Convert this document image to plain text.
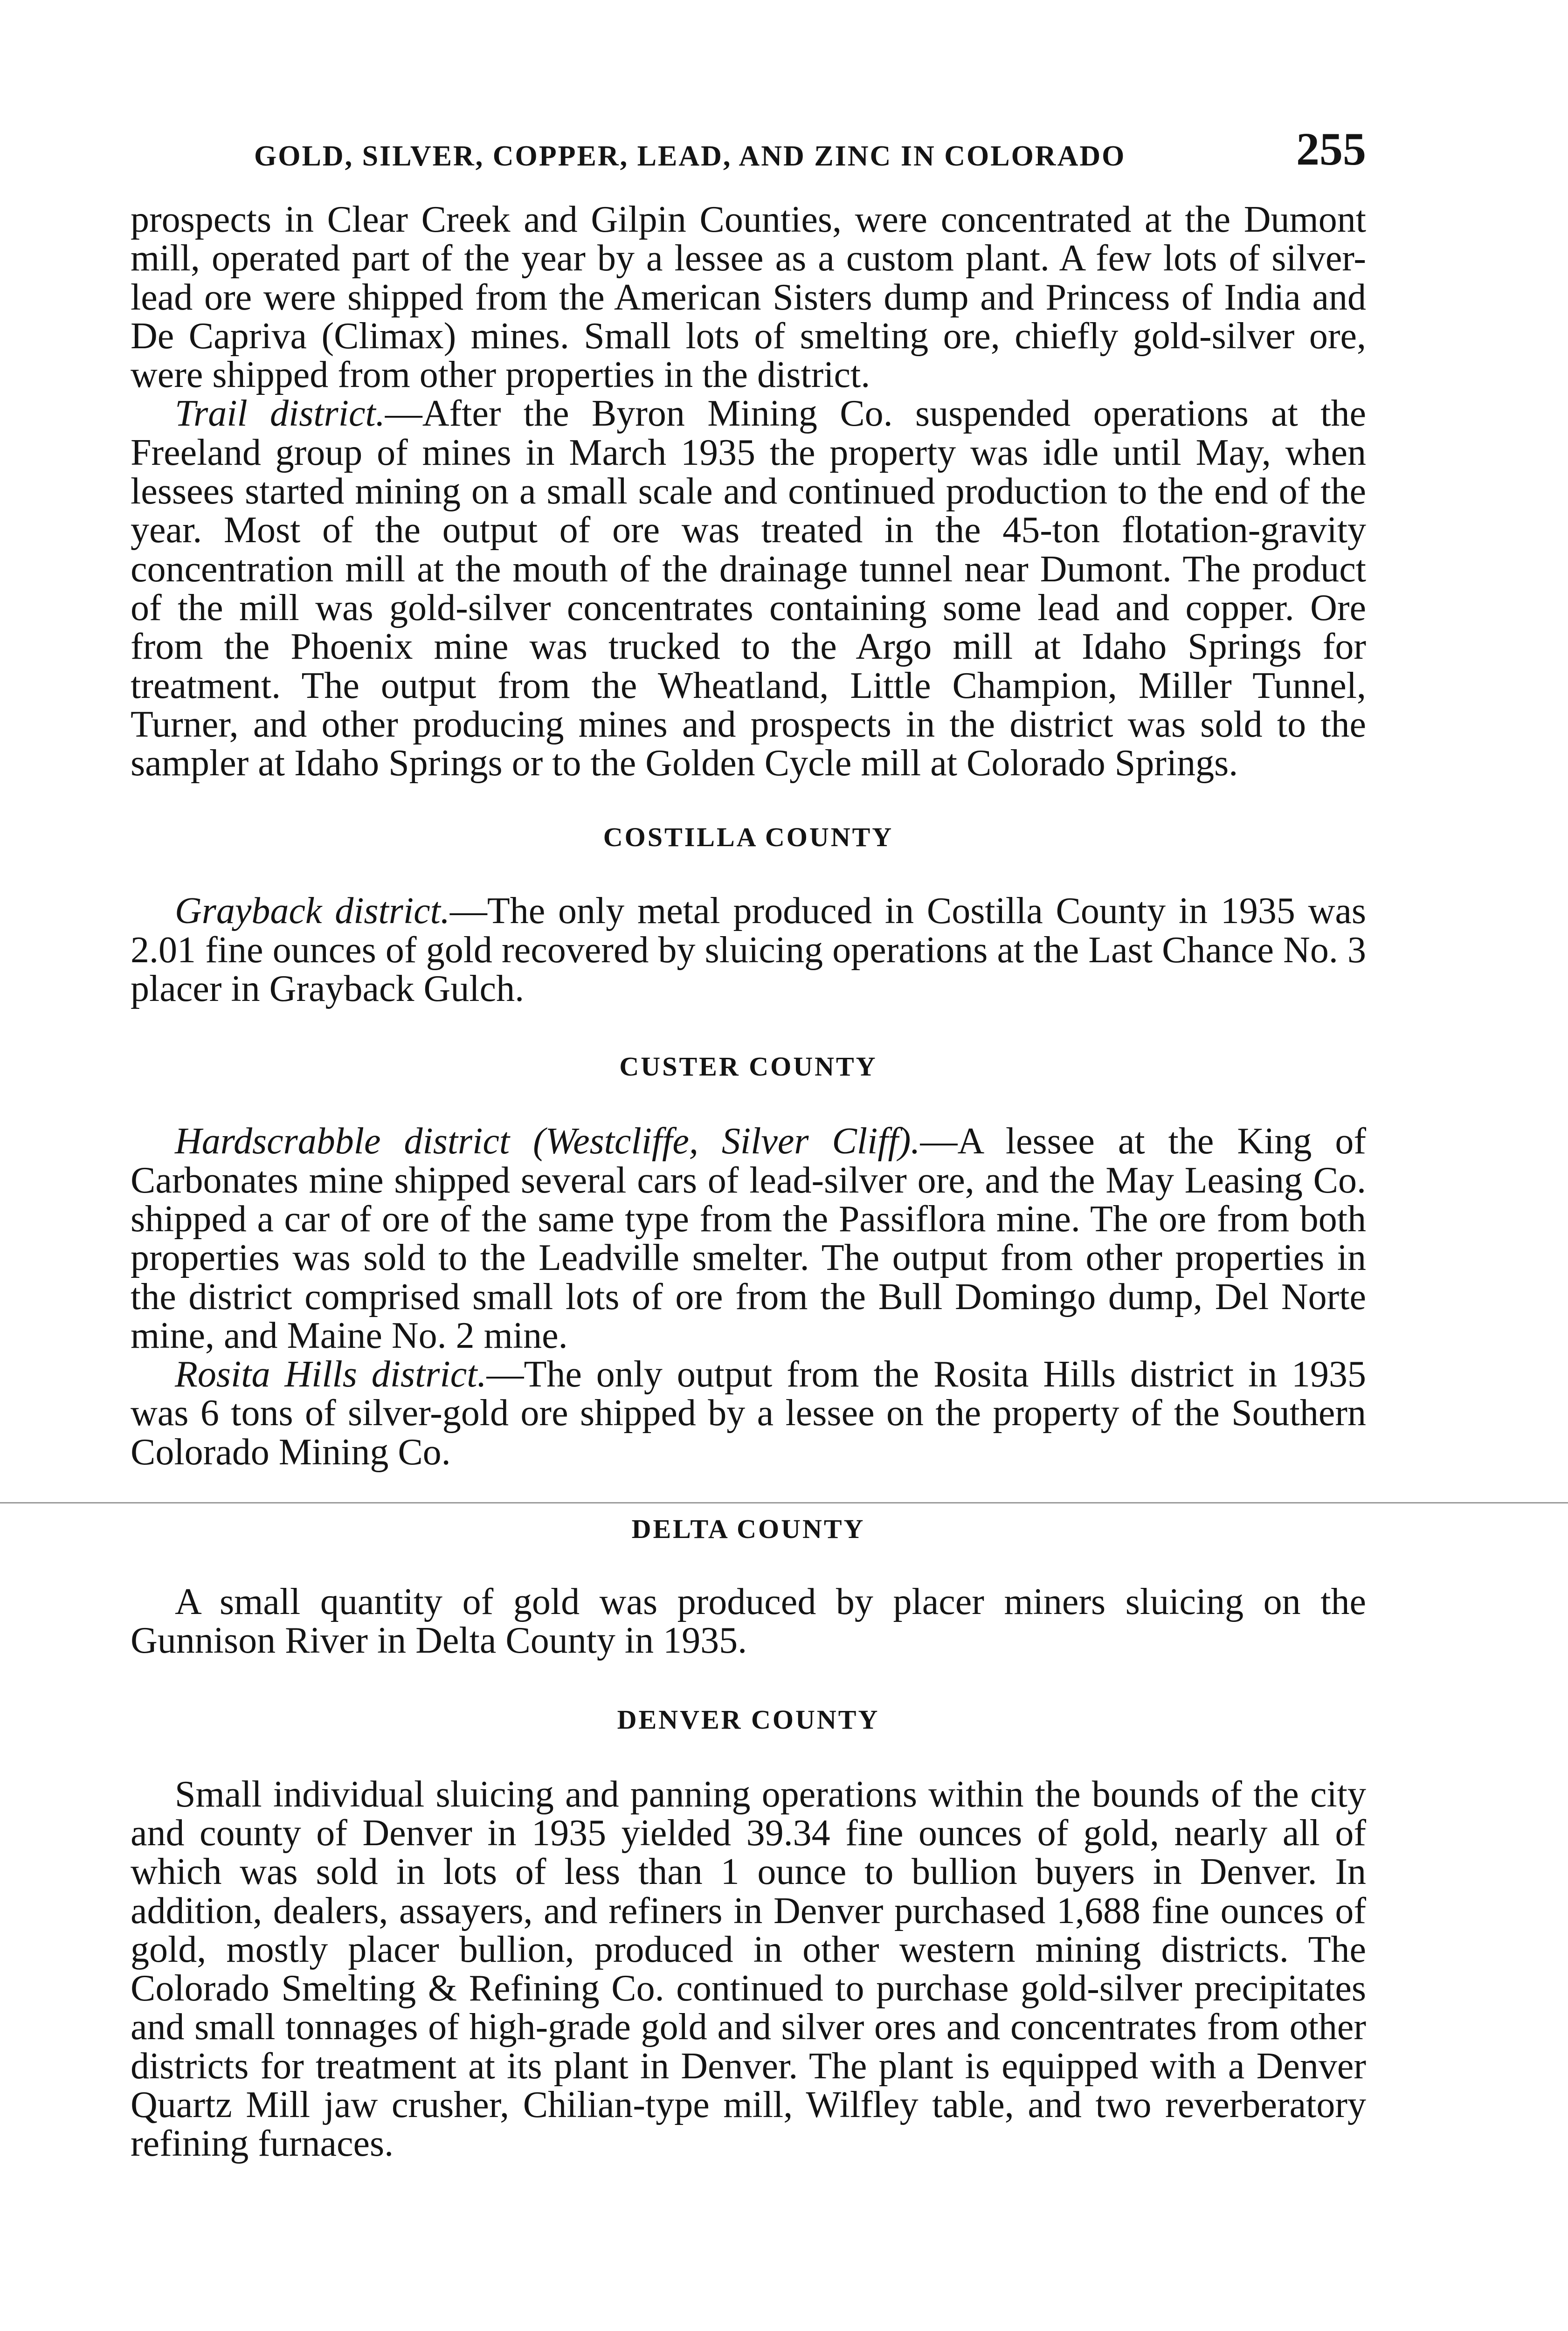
GOLD, SILVER, COPPER, LEAD, AND ZINC IN COLORADO	255

prospects in Clear Creek and Gilpin Counties, were concentrated at the Dumont mill, operated part of the year by a lessee as a custom plant. A few lots of silver-lead ore were shipped from the American Sisters dump and Princess of India and De Capriva (Climax) mines. Small lots of smelting ore, chiefly gold-silver ore, were shipped from other properties in the district.

Trail district.—After the Byron Mining Co. suspended operations at the Freeland group of mines in March 1935 the property was idle until May, when lessees started mining on a small scale and continued production to the end of the year. Most of the output of ore was treated in the 45-ton flotation-gravity concentration mill at the mouth of the drainage tunnel near Dumont. The product of the mill was gold-silver concentrates containing some lead and copper. Ore from the Phoenix mine was trucked to the Argo mill at Idaho Springs for treatment. The output from the Wheatland, Little Champion, Miller Tunnel, Turner, and other producing mines and prospects in the district was sold to the sampler at Idaho Springs or to the Golden Cycle mill at Colorado Springs.

COSTILLA COUNTY

Grayback district.—The only metal produced in Costilla County in 1935 was 2.01 fine ounces of gold recovered by sluicing operations at the Last Chance No. 3 placer in Grayback Gulch.

CUSTER COUNTY

Hardscrabble district (Westcliffe, Silver Cliff).—A lessee at the King of Carbonates mine shipped several cars of lead-silver ore, and the May Leasing Co. shipped a car of ore of the same type from the Passiflora mine. The ore from both properties was sold to the Leadville smelter. The output from other properties in the district comprised small lots of ore from the Bull Domingo dump, Del Norte mine, and Maine No. 2 mine.

Rosita Hills district.—The only output from the Rosita Hills district in 1935 was 6 tons of silver-gold ore shipped by a lessee on the property of the Southern Colorado Mining Co.

DELTA COUNTY

A small quantity of gold was produced by placer miners sluicing on the Gunnison River in Delta County in 1935.

DENVER COUNTY

Small individual sluicing and panning operations within the bounds of the city and county of Denver in 1935 yielded 39.34 fine ounces of gold, nearly all of which was sold in lots of less than 1 ounce to bullion buyers in Denver. In addition, dealers, assayers, and refiners in Denver purchased 1,688 fine ounces of gold, mostly placer bullion, produced in other western mining districts. The Colorado Smelting & Refining Co. continued to purchase gold-silver precipitates and small tonnages of high-grade gold and silver ores and concentrates from other districts for treatment at its plant in Denver. The plant is equipped with a Denver Quartz Mill jaw crusher, Chilian-type mill, Wilfley table, and two reverberatory refining furnaces.
